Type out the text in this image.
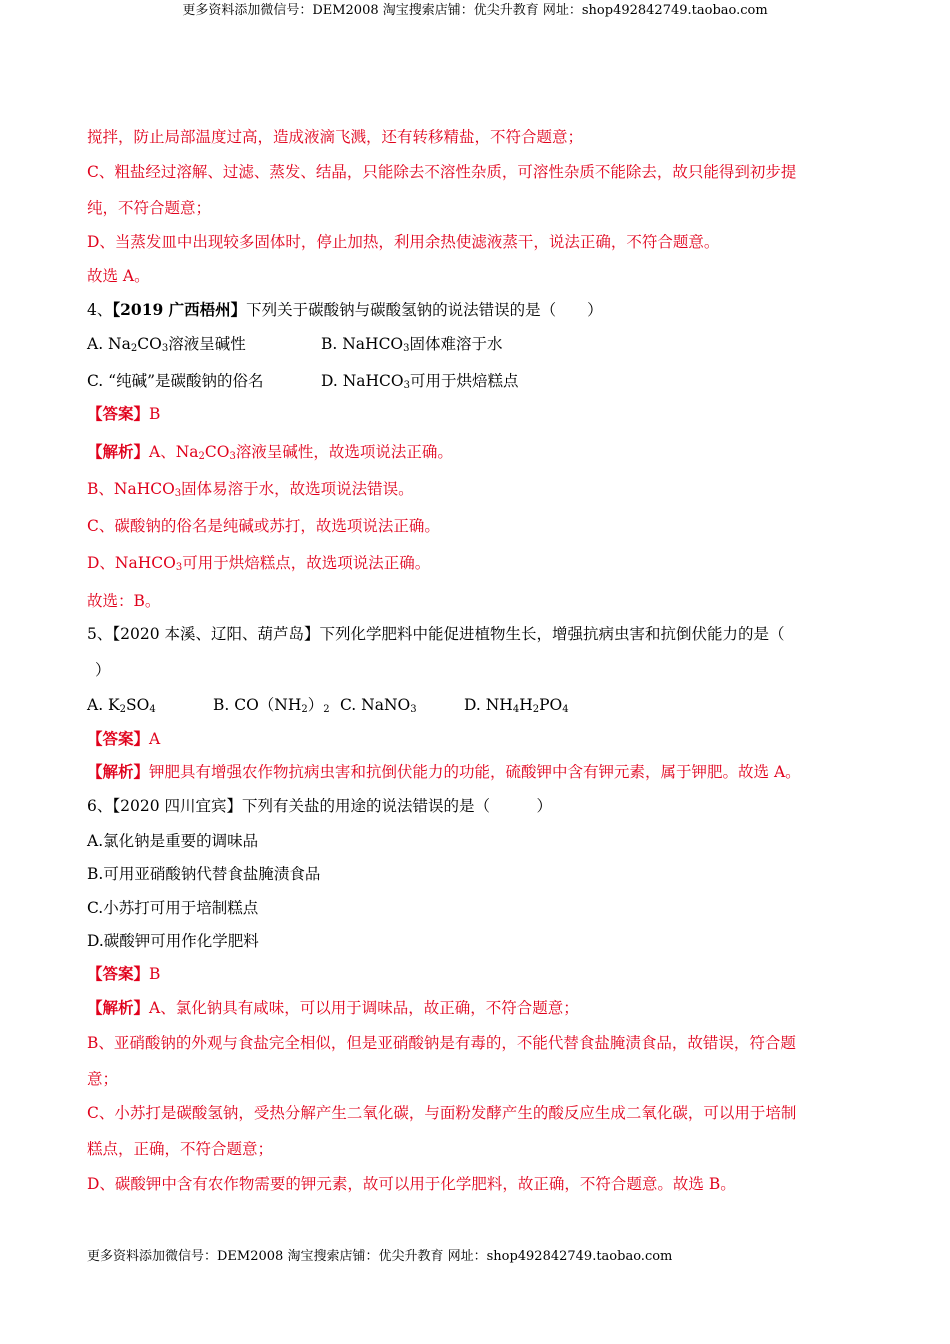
更多资料添加微信号：DEM2008 淘宝搜索店铺：优尖升教育 网址：shop492842749.taobao.com
搅拌，防止局部温度过高，造成液滴飞溅，还有转移精盐，不符合题意；
C、粗盐经过溶解、过滤、蒸发、结晶，只能除去不溶性杂质，可溶性杂质不能除去，故只能得到初步提
纯，不符合题意；
D、当蒸发皿中出现较多固体时，停止加热，利用余热使滤液蒸干，说法正确，不符合题意。
故选 A。
4、【2019 广西梧州】下列关于碳酸钠与碳酸氢钠的说法错误的是（　　）
A. $Na_2CO_3$溶液呈碱性	B. NaHCO$_3$固体难溶于水
C. “纯碱”是碳酸钠的俗名	D. NaHCO$_3$可用于烘焙糕点
【答案】B
【解析】A、$Na_2CO_3$溶液呈碱性，故选项说法正确。
B、NaHCO$_3$固体易溶于水，故选项说法错误。
C、碳酸钠的俗名是纯碱或苏打，故选项说法正确。
D、NaHCO$_3$可用于烘焙糕点，故选项说法正确。
故选：B。
5、【2020 本溪、辽阳、葫芦岛】下列化学肥料中能促进植物生长，增强抗病虫害和抗倒伏能力的是（
）
A. $K_2SO_4$	B. $CO(NH_2)_2$ C. NaNO$_3$	D. $NH_4H_2PO_4$
【答案】A
【解析】钾肥具有增强农作物抗病虫害和抗倒伏能力的功能，硫酸钾中含有钾元素，属于钾肥。故选 A。
6、【2020 四川宜宾】下列有关盐的用途的说法错误的是（　　　）
A.氯化钠是重要的调味品
B.可用亚硝酸钠代替食盐腌渍食品
C.小苏打可用于培制糕点
D.碳酸钾可用作化学肥料
【答案】B
【解析】A、氯化钠具有咸味，可以用于调味品，故正确，不符合题意；
B、亚硝酸钠的外观与食盐完全相似，但是亚硝酸钠是有毒的，不能代替食盐腌渍食品，故错误，符合题
意；
C、小苏打是碳酸氢钠，受热分解产生二氧化碳，与面粉发酵产生的酸反应生成二氧化碳，可以用于培制
糕点，正确，不符合题意；
D、碳酸钾中含有农作物需要的钾元素，故可以用于化学肥料，故正确，不符合题意。故选 B。
更多资料添加微信号：DEM2008 淘宝搜索店铺：优尖升教育 网址：shop492842749.taobao.com
